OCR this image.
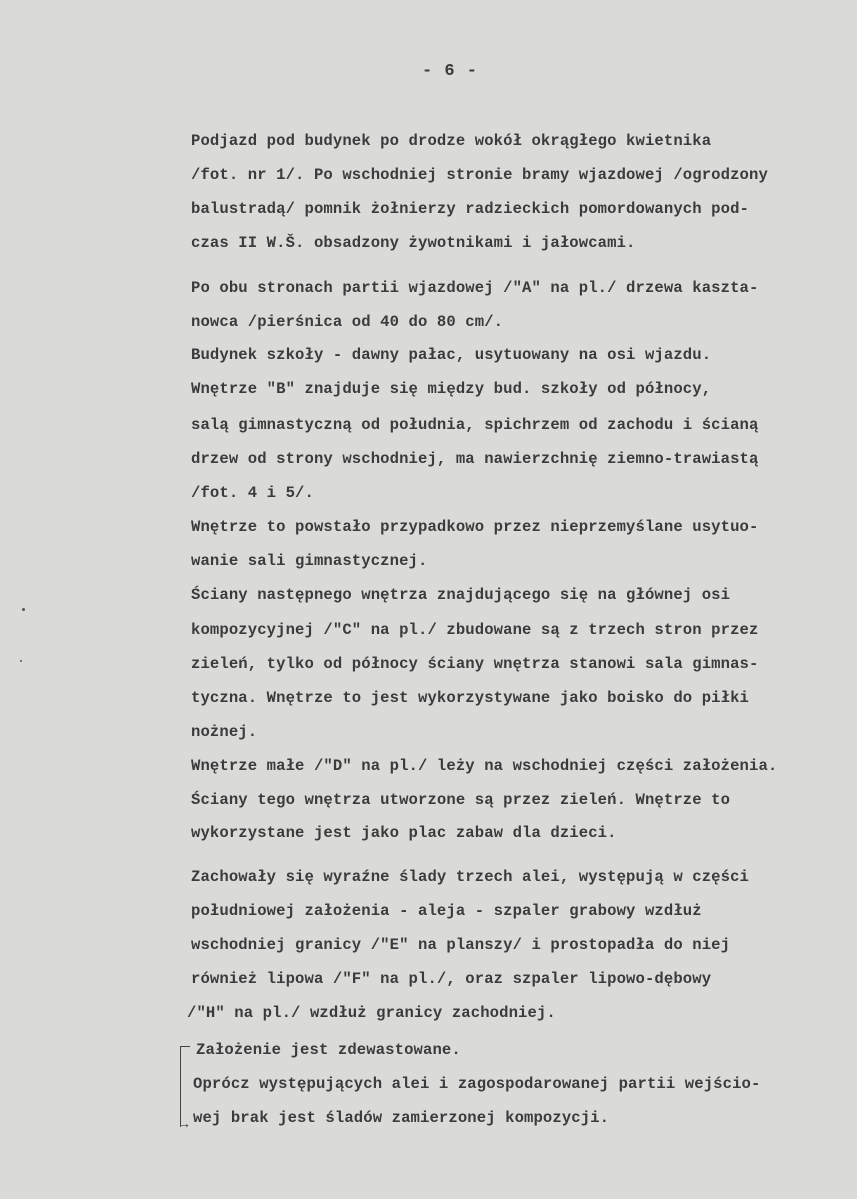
- 6 -
Podjazd pod budynek po drodze wokół okrągłego kwietnika
/fot. nr 1/. Po wschodniej stronie bramy wjazdowej /ogrodzony
balustradą/ pomnik żołnierzy radzieckich pomordowanych pod-
czas II W.Š. obsadzony żywotnikami i jałowcami.
Po obu stronach partii wjazdowej /"A" na pl./ drzewa kaszta-
nowca /pierśnica od 40 do 80 cm/.
Budynek szkoły - dawny pałac, usytuowany na osi wjazdu.
Wnętrze "B" znajduje się między bud. szkoły od północy,
salą gimnastyczną od południa, spichrzem od zachodu i ścianą
drzew od strony wschodniej, ma nawierzchnię ziemno-trawiastą
/fot. 4 i 5/.
Wnętrze to powstało przypadkowo przez nieprzemyślane usytuo-
wanie sali gimnastycznej.
Ściany następnego wnętrza znajdującego się na głównej osi
kompozycyjnej /"C" na pl./ zbudowane są z trzech stron przez
zieleń, tylko od północy ściany wnętrza stanowi sala gimnas-
tyczna. Wnętrze to jest wykorzystywane jako boisko do piłki
nożnej.
Wnętrze małe /"D" na pl./ leży na wschodniej części założenia.
Ściany tego wnętrza utworzone są przez zieleń. Wnętrze to
wykorzystane jest jako plac zabaw dla dzieci.
Zachowały się wyraźne ślady trzech alei, występują w części
południowej założenia - aleja - szpaler grabowy wzdłuż
wschodniej granicy /"E" na planszy/ i prostopadła do niej
również lipowa /"F" na pl./, oraz szpaler lipowo-dębowy
/"H" na pl./ wzdłuż granicy zachodniej.
Założenie jest zdewastowane.
Oprócz występujących alei i zagospodarowanej partii wejścio-
wej brak jest śladów zamierzonej kompozycji.
→
